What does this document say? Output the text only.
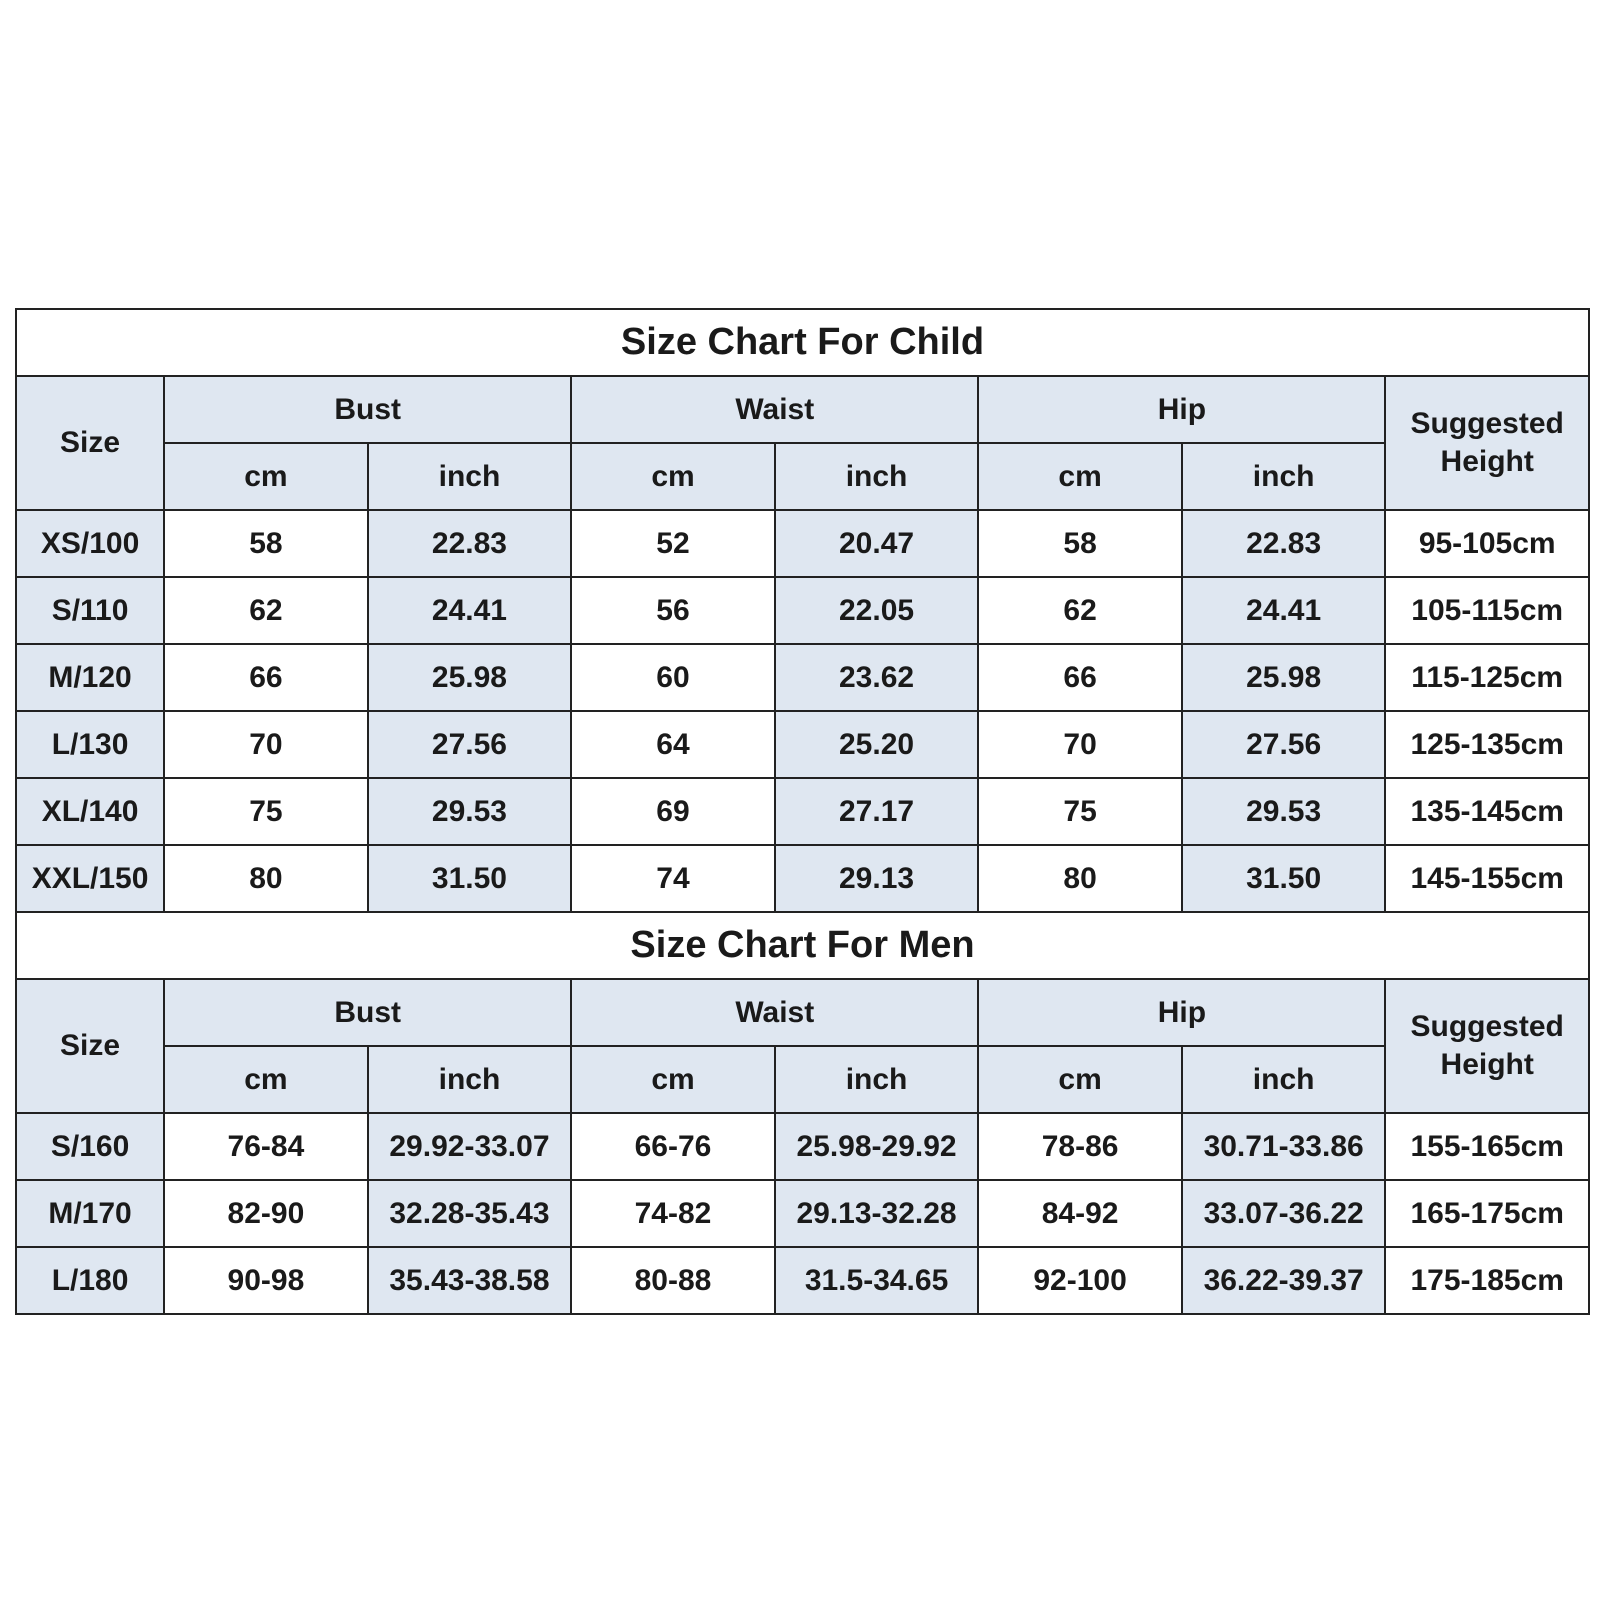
Size Chart For Child							
Size	Bust		Waist		Hip		Suggested
Height

	cm	inch	cm	inch	cm	inch	
XS/100	58	22.83	52	20.47	58	22.83	95-105cm
S/110	62	24.41	56	22.05	62	24.41	105-115cm
M/120	66	25.98	60	23.62	66	25.98	115-125cm
L/130	70	27.56	64	25.20	70	27.56	125-135cm
XL/140	75	29.53	69	27.17	75	29.53	135-145cm
XXL/150	80	31.50	74	29.13	80	31.50	145-155cm
Size Chart For Men							
Size	Bust		Waist		Hip		Suggested
Height

	cm	inch	cm	inch	cm	inch	
S/160	76-84	29.92-33.07	66-76	25.98-29.92	78-86	30.71-33.86	155-165cm
M/170	82-90	32.28-35.43	74-82	29.13-32.28	84-92	33.07-36.22	165-175cm
L/180	90-98	35.43-38.58	80-88	31.5-34.65	92-100	36.22-39.37	175-185cm
